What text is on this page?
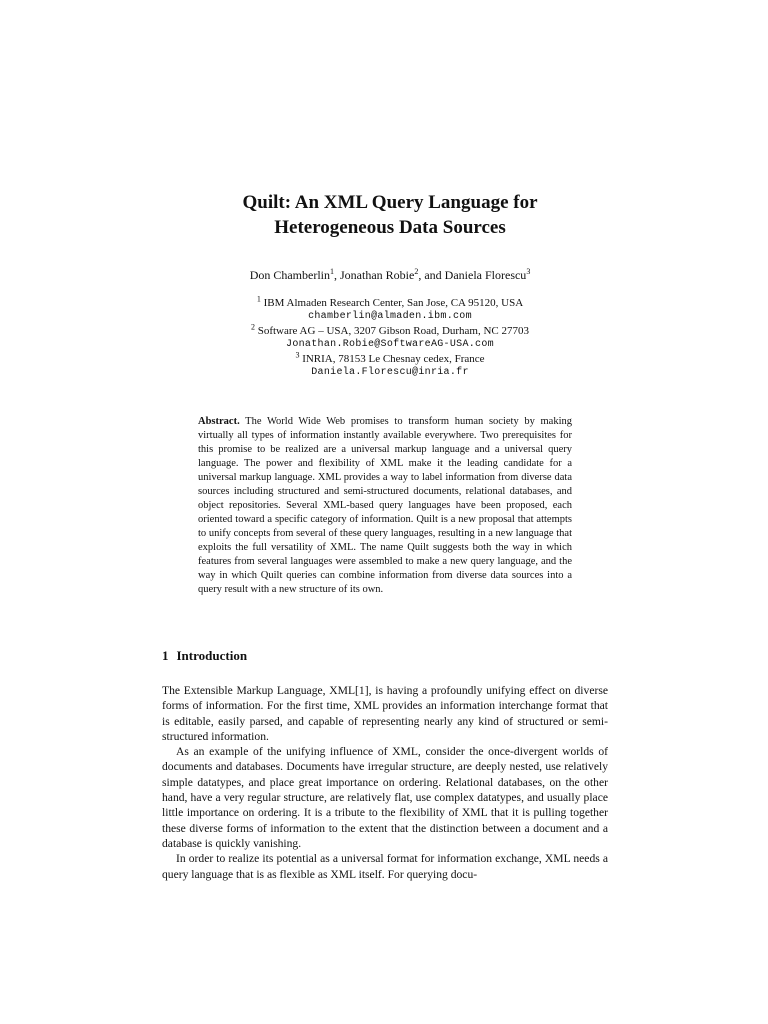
Quilt: An XML Query Language for
Heterogeneous Data Sources
Don Chamberlin$^1$, Jonathan Robie$^2$, and Daniela Florescu$^3$
$^1$ IBM Almaden Research Center, San Jose, CA 95120, USA
chamberlin@almaden.ibm.com
$^2$ Software AG – USA, 3207 Gibson Road, Durham, NC 27703
Jonathan.Robie@SoftwareAG-USA.com
$^3$ INRIA, 78153 Le Chesnay cedex, France
Daniela.Florescu@inria.fr
Abstract. The World Wide Web promises to transform human society by making virtually all types of information instantly available everywhere. Two prerequisites for this promise to be realized are a universal markup language and a universal query language. The power and flexibility of XML make it the leading candidate for a universal markup language. XML provides a way to label information from diverse data sources including structured and semi-structured documents, relational databases, and object repositories. Several XML-based query languages have been proposed, each oriented toward a specific category of information. Quilt is a new proposal that attempts to unify concepts from several of these query languages, resulting in a new language that exploits the full versatility of XML. The name Quilt suggests both the way in which features from several languages were assembled to make a new query language, and the way in which Quilt queries can combine information from diverse data sources into a query result with a new structure of its own.
1 Introduction

The Extensible Markup Language, XML[1], is having a profoundly unifying effect on diverse forms of information. For the first time, XML provides an information interchange format that is editable, easily parsed, and capable of representing nearly any kind of structured or semi-structured information.

As an example of the unifying influence of XML, consider the once-divergent worlds of documents and databases. Documents have irregular structure, are deeply nested, use relatively simple datatypes, and place great importance on ordering. Relational databases, on the other hand, have a very regular structure, are relatively flat, use complex datatypes, and usually place little importance on ordering. It is a tribute to the flexibility of XML that it is pulling together these diverse forms of information to the extent that the distinction between a document and a database is quickly vanishing.

In order to realize its potential as a universal format for information exchange, XML needs a query language that is as flexible as XML itself. For querying docu-
